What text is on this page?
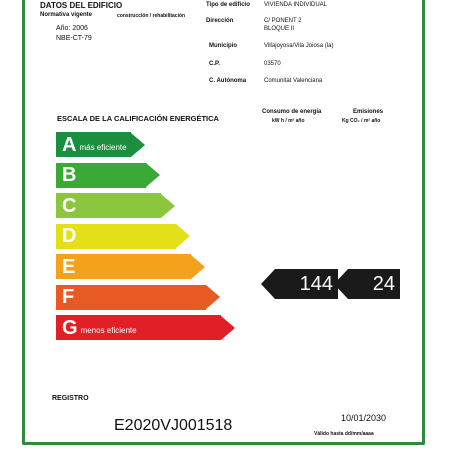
DATOS DEL EDIFICIO
Normativa vigente	construcción / rehabilitación
Año: 2006
NBE-CT-79
Tipo de edificio VIVIENDA INDIVIDUAL
Dirección	C/ PONENT 2
BLOQUE II
Municipio	Villajoyosa/Vila Joiosa (la)
C.P.	03570
C. Autónoma	Comunitat Valenciana
ESCALA DE LA CALIFICACIÓN ENERGÉTICA
Consumo de energía
kW h / m² año
Emisiones
Kg CO₂ / m² año
A más eficiente
B
C
D
E
F
G menos eficiente
144	24
REGISTRO
E2020VJ001518	10/01/2030
Válido hasta dd/mm/aaaa
